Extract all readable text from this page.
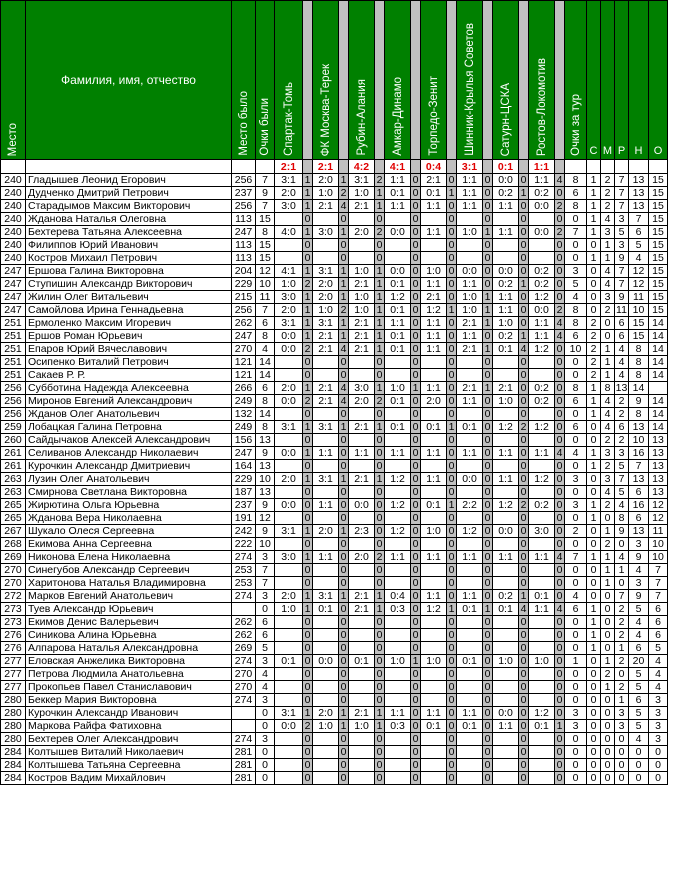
Место	Фамилия, имя, отчество	Место было	Очки были	Спартак-Томь		ФК Москва-Терек		Рубин-Алания		Амкар-Динамо		Торпедо-Зенит		Шинник-Крылья Советов		Сатурн-ЦСКА		Ростов-Локомотив		Очки за тур	С	М	Р	Н	О
				2:1		2:1		4:2		4:1		0:4		3:1		0:1		1:1							
240	Гладышев Леонид Егорович	256	7	3:1	1	2:0	1	3:1	2	1:1	0	2:1	0	1:1	0	0:0	0	1:1	4	8	1	2	7	13	15
240	Дудченко Дмитрий Петрович	237	9	2:0	1	1:0	2	1:0	1	0:1	0	0:1	1	1:1	0	0:2	1	0:2	0	6	1	2	7	13	15
240	Старадымов Максим Викторович	256	7	3:0	1	2:1	4	2:1	1	1:1	0	1:1	0	1:1	0	1:1	0	0:0	2	8	1	2	7	13	15
240	Жданова Наталья Олеговна	113	15		0		0		0		0		0		0		0		0	0	1	4	3	7	15
240	Бехтерева Татьяна Алексеевна	247	8	4:0	1	3:0	1	2:0	2	0:0	0	1:1	0	1:0	1	1:1	0	0:0	2	7	1	3	5	6	15
240	Филиппов Юрий Иванович	113	15		0		0		0		0		0		0		0		0	0	0	1	3	5	15
240	Костров Михаил Петрович	113	15		0		0		0		0		0		0		0		0	0	1	1	9	4	15
247	Ершова Галина Викторовна	204	12	4:1	1	3:1	1	1:0	1	0:0	0	1:0	0	0:0	0	0:0	0	0:2	0	3	0	4	7	12	15
247	Ступишин Александр Викторович	229	10	1:0	2	2:0	1	2:1	1	0:1	0	1:1	0	1:1	0	0:2	1	0:2	0	5	0	4	7	12	15
247	Жилин Олег Витальевич	215	11	3:0	1	2:0	1	1:0	1	1:2	0	2:1	0	1:0	1	1:1	0	1:2	0	4	0	3	9	11	15
247	Самойлова Ирина Геннадьевна	256	7	2:0	1	1:0	2	1:0	1	0:1	0	1:2	1	1:0	1	1:1	0	0:0	2	8	0	2	11	10	15
251	Ермоленко Максим Игоревич	262	6	3:1	1	3:1	1	2:1	1	1:1	0	1:1	0	2:1	1	1:0	0	1:1	4	8	2	0	6	15	14
251	Ершов Роман Юрьевич	247	8	0:0	1	2:1	1	2:1	1	0:1	0	1:1	0	1:1	0	0:2	1	1:1	4	6	2	0	6	15	14
251	Епаров Юрий Вячеславович	270	4	0:0	2	2:1	4	2:1	1	0:1	0	1:1	0	2:1	1	0:1	4	1:2	0	10	2	1	4	8	14
251	Осипенко Виталий Петрович	121	14		0		0		0		0		0		0		0		0	0	2	1	4	8	14
251	Сакаев Р. Р.	121	14		0		0		0		0		0		0		0		0	0	2	1	4	8	14
256	Субботина Надежда Алексеевна	266	6	2:0	1	2:1	4	3:0	1	1:0	1	1:1	0	2:1	1	2:1	0	0:2	0	8	1	8	13	14	
256	Миронов Евгений Александрович	249	8	0:0	2	2:1	4	2:0	2	0:1	0	2:0	0	1:1	0	1:0	0	0:2	0	6	1	4	2	9	14
256	Жданов Олег Анатольевич	132	14		0		0		0		0		0		0		0		0	0	1	4	2	8	14
259	Лобацкая Галина Петровна	249	8	3:1	1	3:1	1	2:1	1	0:1	0	0:1	1	0:1	0	1:2	2	1:2	0	6	0	4	6	13	14
260	Сайдычаков Алексей Александрович	156	13		0		0		0		0		0		0		0		0	0	0	2	2	10	13
261	Селиванов Александр Николаевич	247	9	0:0	1	1:1	0	1:1	0	1:1	0	1:1	0	1:1	0	1:1	0	1:1	4	4	1	3	3	16	13
261	Курочкин Александр Дмитриевич	164	13		0		0		0		0		0		0		0		0	0	1	2	5	7	13
263	Лузин Олег Анатольевич	229	10	2:0	1	3:1	1	2:1	1	1:2	0	1:1	0	0:0	0	1:1	0	1:2	0	3	0	3	7	13	13
263	Смирнова Светлана Викторовна	187	13		0		0		0		0		0		0		0		0	0	0	4	5	6	13
265	Жирютина Ольга Юрьевна	237	9	0:0	0	1:1	0	0:0	0	1:2	0	0:1	1	2:2	0	1:2	2	0:2	0	3	1	2	4	16	12
265	Жданова Вера Николаевна	191	12		0		0		0		0		0		0		0		0	0	1	0	8	6	12
267	Шукало Олеся Сергеевна	242	9	3:1	1	2:0	1	2:3	0	1:2	0	1:0	0	1:2	0	0:0	0	3:0	0	2	0	1	9	13	11
268	Екимова Анна Сергеевна	222	10		0		0		0		0		0		0		0		0	0	0	2	0	3	10
269	Никонова Елена Николаевна	274	3	3:0	1	1:1	0	2:0	2	1:1	0	1:1	0	1:1	0	1:1	0	1:1	4	7	1	1	4	9	10
270	Синегубов Александр Сергеевич	253	7		0		0		0		0		0		0		0		0	0	0	1	1	4	7
270	Харитонова Наталья Владимировна	253	7		0		0		0		0		0		0		0		0	0	0	1	0	3	7
272	Марков Евгений Анатольевич	274	3	2:0	1	3:1	1	2:1	1	0:4	0	1:1	0	1:1	0	0:2	1	0:1	0	4	0	0	7	9	7
273	Туев Александр Юрьевич		0	1:0	1	0:1	0	2:1	1	0:3	0	1:2	1	0:1	1	0:1	4	1:1	4	6	1	0	2	5	6
273	Екимов Денис Валерьевич	262	6		0		0		0		0		0		0		0		0	0	1	0	2	4	6
276	Синикова Алина Юрьевна	262	6		0		0		0		0		0		0		0		0	0	1	0	2	4	6
276	Алпарова Наталья Александровна	269	5		0		0		0		0		0		0		0		0	0	1	0	1	6	5
277	Еловская Анжелика Викторовна	274	3	0:1	0	0:0	0	0:1	0	1:0	1	1:0	0	0:1	0	1:0	0	1:0	0	1	0	1	2	20	4
277	Петрова Людмила Анатольевна	270	4		0		0		0		0		0		0		0		0	0	0	2	0	5	4
277	Прокопьев Павел Станиславович	270	4		0		0		0		0		0		0		0		0	0	0	1	2	5	4
280	Беккер Мария Викторовна	274	3		0		0		0		0		0		0		0		0	0	0	0	1	6	3
280	Курочкин Александр Иванович		0	3:1	1	2:0	1	2:1	1	1:1	0	1:1	0	1:1	0	0:0	0	1:2	0	3	0	0	3	5	3
280	Маркова Райфа Фатиховна		0	0:0	2	1:0	1	1:0	1	0:3	0	0:1	0	0:1	0	1:1	0	0:1	1	3	0	0	3	5	3
280	Бехтерев Олег Александрович	274	3		0		0		0		0		0		0		0		0	0	0	0	0	4	3
284	Колтышев Виталий Николаевич	281	0		0		0		0		0		0		0		0		0	0	0	0	0	0	0
284	Колтышева Татьяна Сергеевна	281	0		0		0		0		0		0		0		0		0	0	0	0	0	0	0
284	Костров Вадим Михайлович	281	0		0		0		0		0		0		0		0		0	0	0	0	0	0	0
